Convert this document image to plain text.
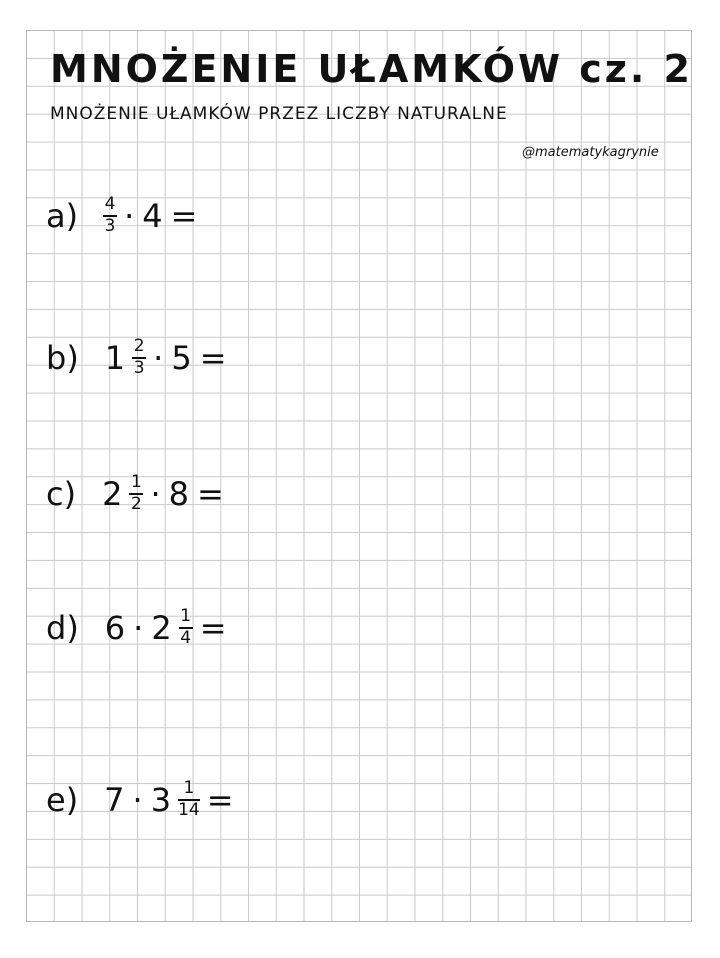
MNOŻENIE UŁAMKÓW cz. 2
MNOŻENIE UŁAMKÓW PRZEZ LICZBY NATURALNE
@matematykagrynie
$a) \frac{4}{3} \cdot 4$ =
b) $1 \frac{2}{3} \cdot 5$ =
c) $2 \frac{1}{2} \cdot 8$ =
d) $6 \cdot 2 \frac{1}{4}$ =
e) $7 \cdot 3 \frac{1}{14}$ =
